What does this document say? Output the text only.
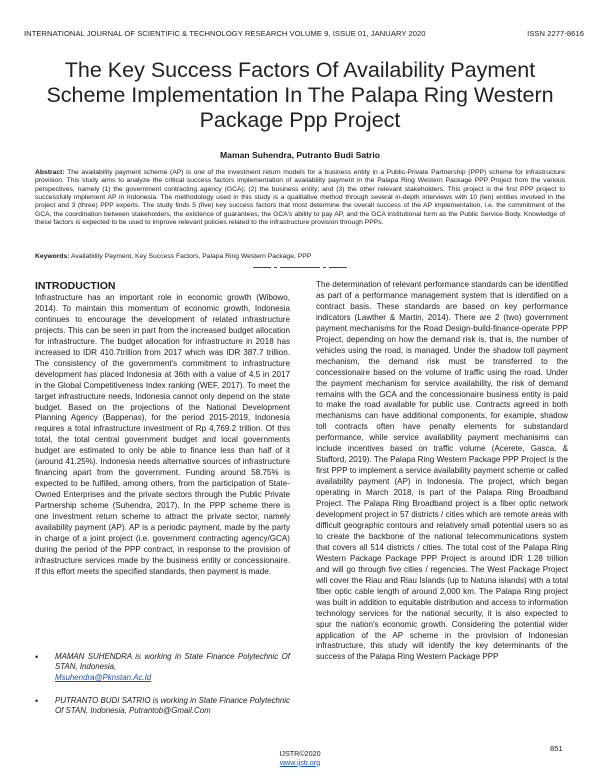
INTERNATIONAL JOURNAL OF SCIENTIFIC & TECHNOLOGY RESEARCH VOLUME 9, ISSUE 01, JANUARY 2020	ISSN 2277-8616
The Key Success Factors Of Availability Payment Scheme Implementation In The Palapa Ring Western Package Ppp Project
Maman Suhendra, Putranto Budi Satrio
Abstract: The availability payment scheme (AP) is one of the investment return models for a business entity in a Public-Private Partnership (PPP) scheme for infrastructure provision. This study aims to analyze the critical success factors implementation of availability payment in the Palapa Ring Western Package PPP Project from the various perspectives, namely (1) the government contracting agency (GCA); (2) the business entity; and (3) the other relevant stakeholders. This project is the first PPP project to successfully implement AP in Indonesia. The methodology used in this study is a qualitative method through several in-depth interviews with 10 (ten) entities involved in the project and 3 (three) PPP experts. The study finds 5 (five) key success factors that most determine the overall success of the AP implementation, i.e. the commitment of the GCA, the coordination between stakeholders, the existence of guarantees, the GCA's ability to pay AP, and the GCA institutional form as the Public Service Body. Knowledge of these factors is expected to be used to improve relevant policies related to the infrastructure provision through PPPs.
Keywords: Availability Payment, Key Success Factors, Palapa Ring Western Package, PPP
INTRODUCTION

Infrastructure has an important role in economic growth (Wibowo, 2014). To maintain this momentum of economic growth, Indonesia continues to encourage the development of related infrastructure projects. This can be seen in part from the increased budget allocation for infrastructure. The budget allocation for infrastructure in 2018 has increased to IDR 410.7trillion from 2017 which was IDR 387.7 trillion. The consistency of the government's commitment to infrastructure development has placed Indonesia at 36th with a value of 4.5 in 2017 in the Global Competitiveness Index ranking (WEF, 2017). To meet the target infrastructure needs, Indonesia cannot only depend on the state budget. Based on the projections of the National Development Planning Agency (Bappenas), for the period 2015-2019, Indonesia requires a total infrastructure investment of Rp 4,769.2 trillion. Of this total, the total central government budget and local governments budget are estimated to only be able to finance less than half of it (around 41.25%). Indonesia needs alternative sources of infrastructure financing apart from the government. Funding around 58.75% is expected to be fulfilled, among others, from the participation of State-Owned Enterprises and the private sectors through the Public Private Partnership scheme (Suhendra, 2017). In the PPP scheme there is one investment return scheme to attract the private sector, namely availability payment (AP). AP is a periodic payment, made by the party in charge of a joint project (i.e. government contracting agency/GCA) during the period of the PPP contract, in response to the provision of infrastructure services made by the business entity or concessionaire. If this effort meets the specified standards, then payment is made.

The determination of relevant performance standards can be identified as part of a performance management system that is identified on a contract basis. These standards are based on key performance indicators (Lawther & Martin, 2014). There are 2 (two) government payment mechanisms for the Road Design-build-finance-operate PPP Project, depending on how the demand risk is, that is, the number of vehicles using the road, is managed. Under the shadow toll payment mechanism, the demand risk must be transferred to the concessionaire based on the volume of traffic using the road. Under the payment mechanism for service availability, the risk of demand remains with the GCA and the concessionaire business entity is paid to make the road available for public use. Contracts agreed in both mechanisms can have additional components, for example, shadow toll contracts often have penalty elements for substandard performance, while service availability payment mechanisms can include incentives based on traffic volume (Acerete, Gasca, & Stafford, 2019). The Palapa Ring Western Package PPP Project is the first PPP to implement a service availability payment scheme or called availability payment (AP) in Indonesia. The project, which began operating in March 2018, is part of the Palapa Ring Broadband Project. The Palapa Ring Broadband project is a fiber optic network development project in 57 districts / cities which are remote areas with difficult geographic contours and relatively small potential users so as to create the backbone of the national telecommunications system that covers all 514 districts / cities. The total cost of the Palapa Ring Western Package Package PPP Project is around IDR 1.28 trillion and will go through five cities / regencies. The West Package Project will cover the Riau and Riau Islands (up to Natuna islands) with a total fiber optic cable length of around 2,000 km. The Palapa Ring project was built in addition to equitable distribution and access to information technology services for the national security, it is also expected to spur the nation's economic growth. Considering the potential wider application of the AP scheme in the provision of Indonesian infrastructure, this study will identify the key determinants of the success of the Palapa Ring Western Package PPP

• MAMAN SUHENDRA is working in State Finance Polytechnic Of STAN, Indonesia,
Msuhendra@Pknstan.Ac.Id
• PUTRANTO BUDI SATRIO is working in State Finance Polytechnic Of STAN, Indonesia, Putrantob@Gmail.Com
851
IJSTR©2020
www.ijstr.org
